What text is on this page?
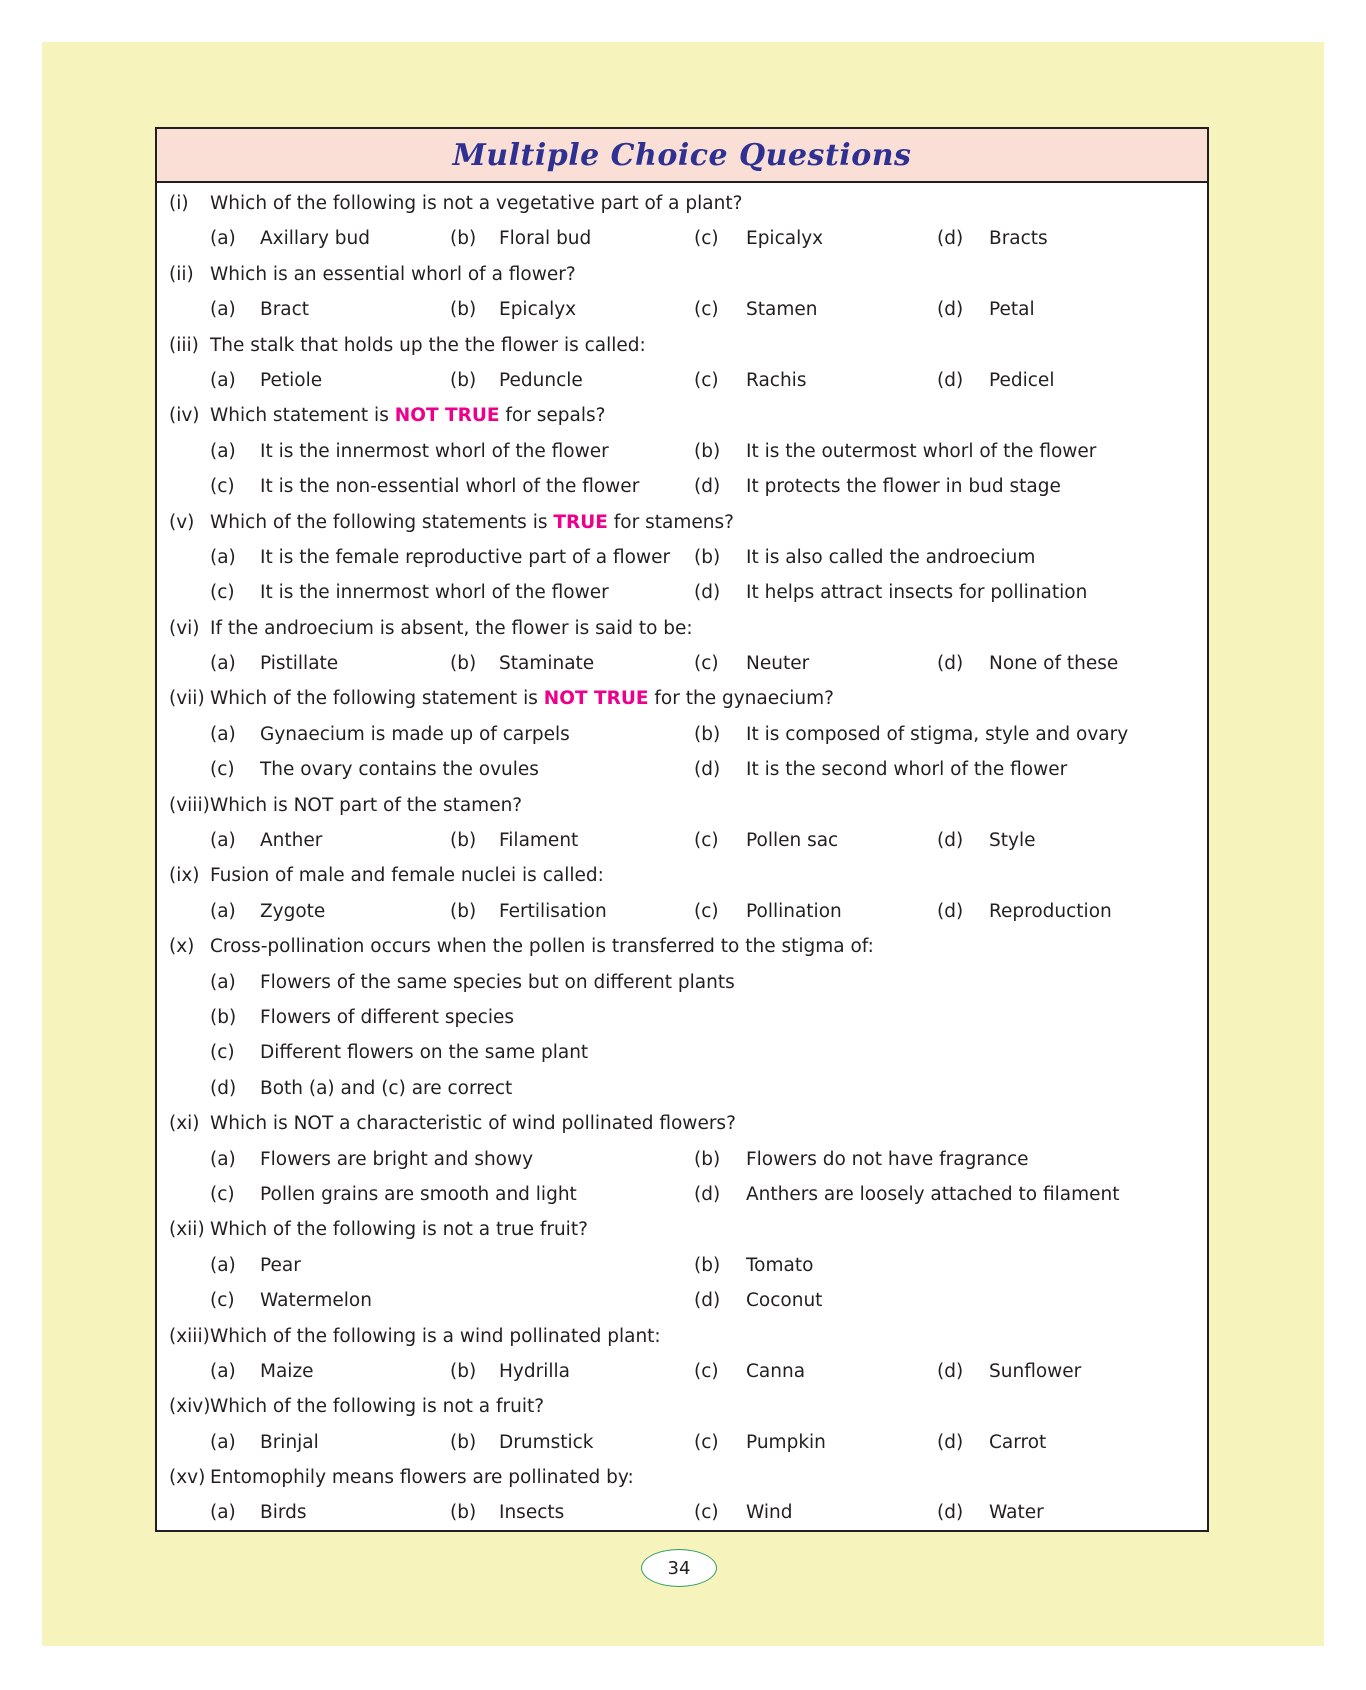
Multiple Choice Questions
(i) Which of the following is not a vegetative part of a plant?
(a) Axillary bud	(b) Floral bud	(c) Epicalyx	(d) Bracts
(ii) Which is an essential whorl of a flower?
(a) Bract	(b) Epicalyx	(c) Stamen	(d) Petal
(iii) The stalk that holds up the the flower is called:
(a) Petiole	(b) Peduncle	(c) Rachis	(d) Pedicel
(iv) Which statement is NOT TRUE for sepals?
(a) It is the innermost whorl of the flower	(b) It is the outermost whorl of the flower
(c) It is the non-essential whorl of the flower	(d) It protects the flower in bud stage
(v) Which of the following statements is TRUE for stamens?
(a) It is the female reproductive part of a flower (b) It is also called the androecium
(c) It is the innermost whorl of the flower	(d) It helps attract insects for pollination
(vi) If the androecium is absent, the flower is said to be:
(a) Pistillate	(b) Staminate	(c) Neuter	(d) None of these
(vii) Which of the following statement is NOT TRUE for the gynaecium?
(a) Gynaecium is made up of carpels	(b) It is composed of stigma, style and ovary
(c) The ovary contains the ovules	(d) It is the second whorl of the flower
(viii) Which is NOT part of the stamen?
(a) Anther	(b) Filament	(c) Pollen sac	(d) Style
(ix) Fusion of male and female nuclei is called:
(a) Zygote	(b) Fertilisation	(c) Pollination	(d) Reproduction
(x) Cross-pollination occurs when the pollen is transferred to the stigma of:
(a) Flowers of the same species but on different plants
(b) Flowers of different species
(c) Different flowers on the same plant
(d) Both (a) and (c) are correct
(xi) Which is NOT a characteristic of wind pollinated flowers?
(a) Flowers are bright and showy	(b) Flowers do not have fragrance
(c) Pollen grains are smooth and light	(d) Anthers are loosely attached to filament
(xii) Which of the following is not a true fruit?
(a) Pear	(b) Tomato
(c) Watermelon	(d) Coconut
(xiii) Which of the following is a wind pollinated plant:
(a) Maize	(b) Hydrilla	(c) Canna	(d) Sunflower
(xiv) Which of the following is not a fruit?
(a) Brinjal	(b) Drumstick	(c) Pumpkin	(d) Carrot
(xv) Entomophily means flowers are pollinated by:
(a) Birds	(b) Insects	(c) Wind	(d) Water
34
